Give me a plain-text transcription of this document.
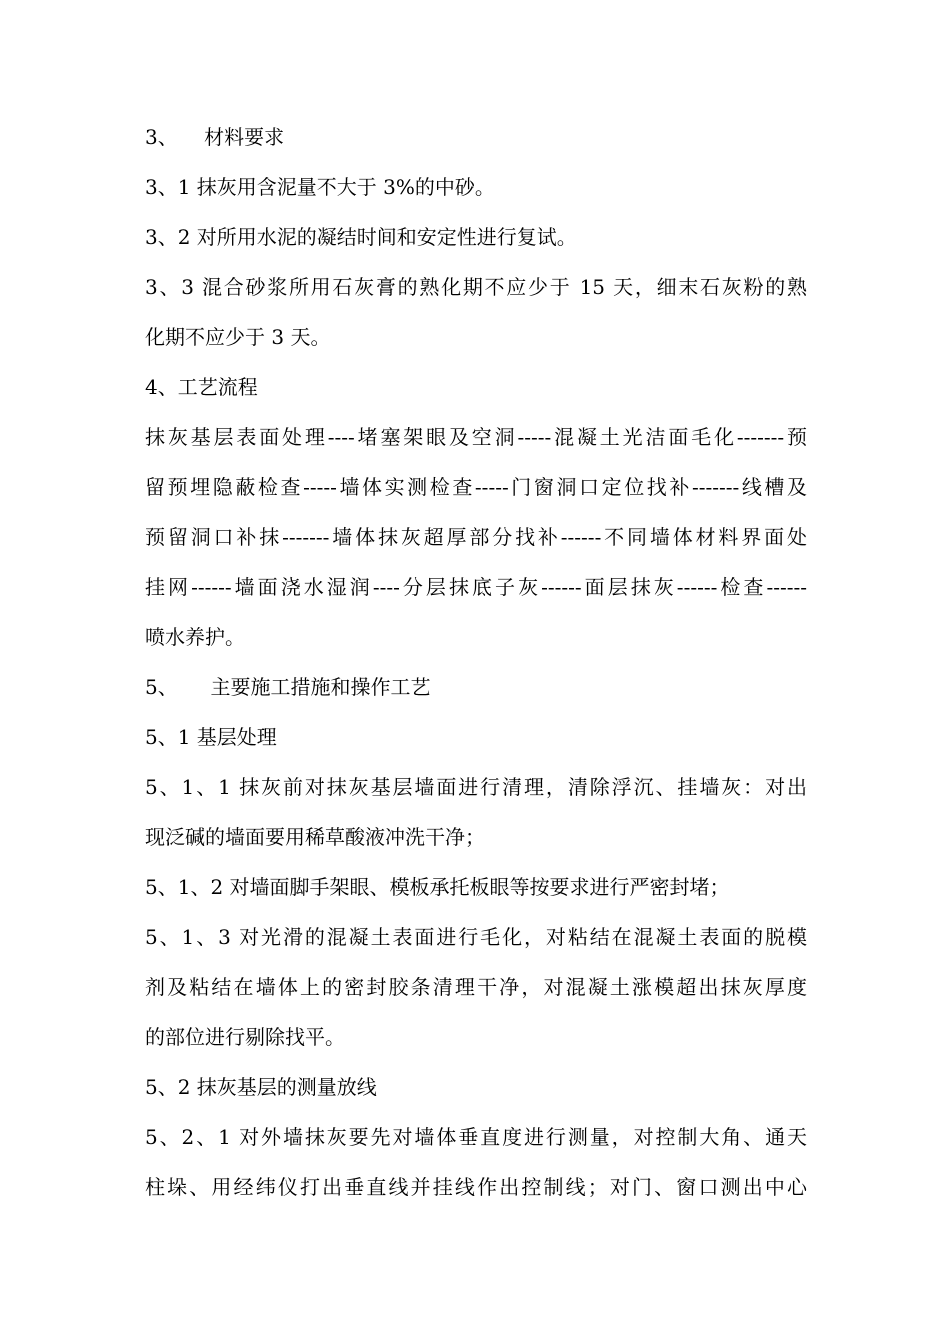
3、 　材料要求
3、1 抹灰用含泥量不大于 3%的中砂。
3、2 对所用水泥的凝结时间和安定性进行复试。
3、3 混合砂浆所用石灰膏的熟化期不应少于 15 天，细末石灰粉的熟
化期不应少于 3 天。
4、工艺流程
抹灰基层表面处理----堵塞架眼及空洞-----混凝土光洁面毛化-------预
留预埋隐蔽检查-----墙体实测检查-----门窗洞口定位找补-------线槽及
预留洞口补抹-------墙体抹灰超厚部分找补------不同墙体材料界面处
挂网------墙面浇水湿润----分层抹底子灰------面层抹灰------检查------
喷水养护。
5、 　 主要施工措施和操作工艺
5、1 基层处理
5、1、1 抹灰前对抹灰基层墙面进行清理，清除浮沉、挂墙灰：对出
现泛碱的墙面要用稀草酸液冲洗干净；
5、1、2 对墙面脚手架眼、模板承托板眼等按要求进行严密封堵；
5、1、3 对光滑的混凝土表面进行毛化，对粘结在混凝土表面的脱模
剂及粘结在墙体上的密封胶条清理干净，对混凝土涨模超出抹灰厚度
的部位进行剔除找平。
5、2 抹灰基层的测量放线
5、2、1 对外墙抹灰要先对墙体垂直度进行测量，对控制大角、通天
柱垛、用经纬仪打出垂直线并挂线作出控制线；对门、窗口测出中心
